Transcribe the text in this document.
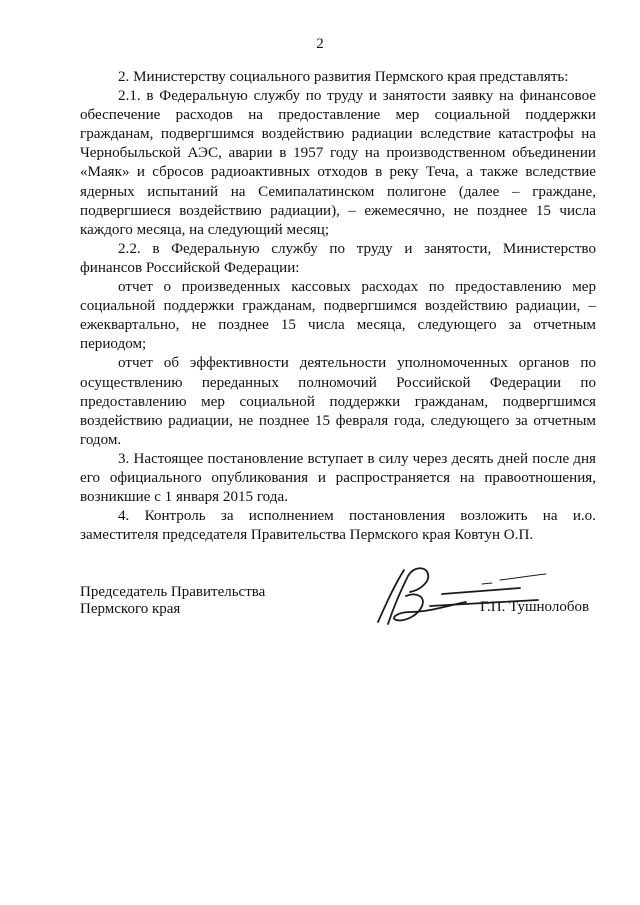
2

2. Министерству социального развития Пермского края представлять:

2.1. в Федеральную службу по труду и занятости заявку на финансовое обеспечение расходов на предоставление мер социальной поддержки гражданам, подвергшимся воздействию радиации вследствие катастрофы на Чернобыльской АЭС, аварии в 1957 году на производственном объединении «Маяк» и сбросов радиоактивных отходов в реку Теча, а также вследствие ядерных испытаний на Семипалатинском полигоне (далее – граждане, подвергшиеся воздействию радиации), – ежемесячно, не позднее 15 числа каждого месяца, на следующий месяц;

2.2. в Федеральную службу по труду и занятости, Министерство финансов Российской Федерации:

отчет о произведенных кассовых расходах по предоставлению мер социальной поддержки гражданам, подвергшимся воздействию радиации, – ежеквартально, не позднее 15 числа месяца, следующего за отчетным периодом;

отчет об эффективности деятельности уполномоченных органов по осуществлению переданных полномочий Российской Федерации по предоставлению мер социальной поддержки гражданам, подвергшимся воздействию радиации, не позднее 15 февраля года, следующего за отчетным годом.

3. Настоящее постановление вступает в силу через десять дней после дня его официального опубликования и распространяется на правоотношения, возникшие с 1 января 2015 года.

4. Контроль за исполнением постановления возложить на и.о. заместителя председателя Правительства Пермского края Ковтун О.П.

Председатель Правительства
Пермского края	Г.П. Тушнолобов
